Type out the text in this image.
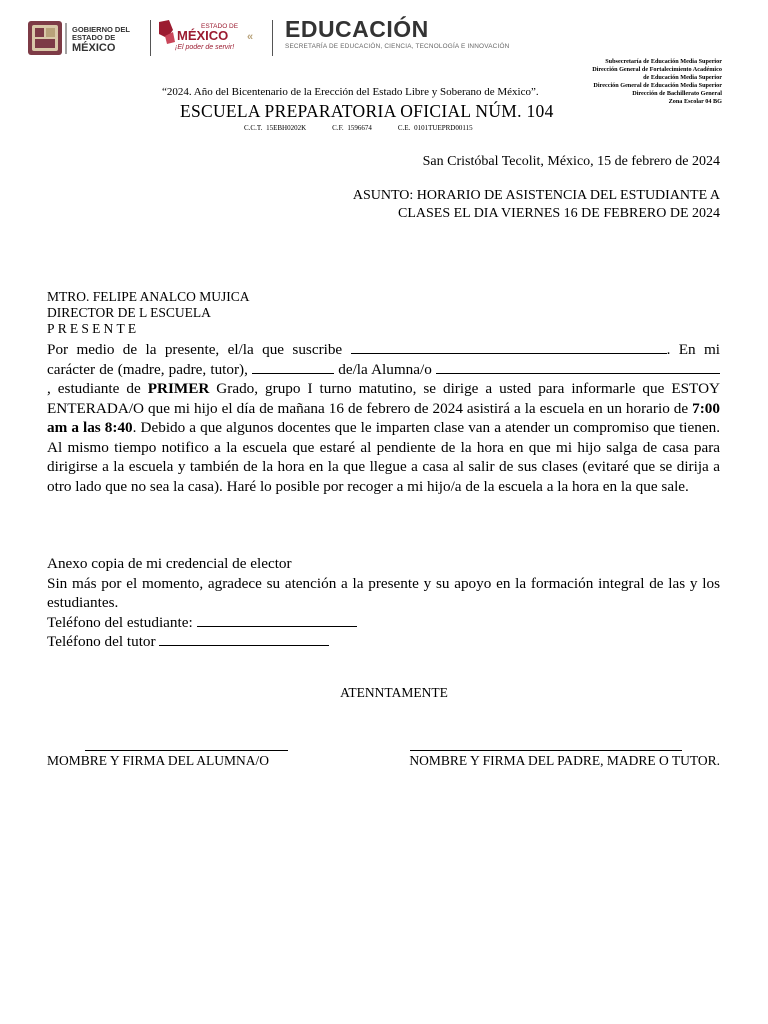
GOBIERNO DEL
ESTADO DE
MÉXICO
ESTADO DE
MÉXICO «
¡El poder de servir!
EDUCACIÓN
SECRETARÍA DE EDUCACIÓN, CIENCIA, TECNOLOGÍA E INNOVACIÓN
Subsecretaría de Educación Media Superior
Dirección General de Fortalecimiento Académico
de Educación Media Superior
Dirección General de Educación Media Superior
Dirección de Bachillerato General
Zona Escolar 04 BG
“2024. Año del Bicentenario de la Erección del Estado Libre y Soberano de México”.
ESCUELA PREPARATORIA OFICIAL NÚM. 104
C.C.T. 15EBH0202K	C.F. 1596674	C.E. 0101TUEPRD00115
San Cristóbal Tecolit, México, 15 de febrero de 2024
ASUNTO: HORARIO DE ASISTENCIA DEL ESTUDIANTE A
CLASES EL DIA VIERNES 16 DE FEBRERO DE 2024
MTRO. FELIPE ANALCO MUJICA
DIRECTOR DE L ESCUELA
PRESENTE

Por medio de la presente, el/la que suscribe	. En mi carácter de (madre, padre, tutor),	de/la Alumna/o , estudiante de PRIMER Grado, grupo I turno matutino, se dirige a usted para informarle que ESTOY ENTERADA/O que mi hijo el día de mañana 16 de febrero de 2024 asistirá a la escuela en un horario de 7:00 am a las 8:40. Debido a que algunos docentes que le imparten clase van a atender un compromiso que tienen. Al mismo tiempo notifico a la escuela que estaré al pendiente de la hora en que mi hijo salga de casa para dirigirse a la escuela y también de la hora en la que llegue a casa al salir de sus clases (evitaré que se dirija a otro lado que no sea la casa). Haré lo posible por recoger a mi hijo/a de la escuela a la hora en la que sale.

Anexo copia de mi credencial de elector

Sin más por el momento, agradece su atención a la presente y su apoyo en la formación integral de las y los estudiantes.

Teléfono del estudiante:

Teléfono del tutor

ATENNTAMENTE
MOMBRE Y FIRMA DEL ALUMNA/O	NOMBRE Y FIRMA DEL PADRE, MADRE O TUTOR.
